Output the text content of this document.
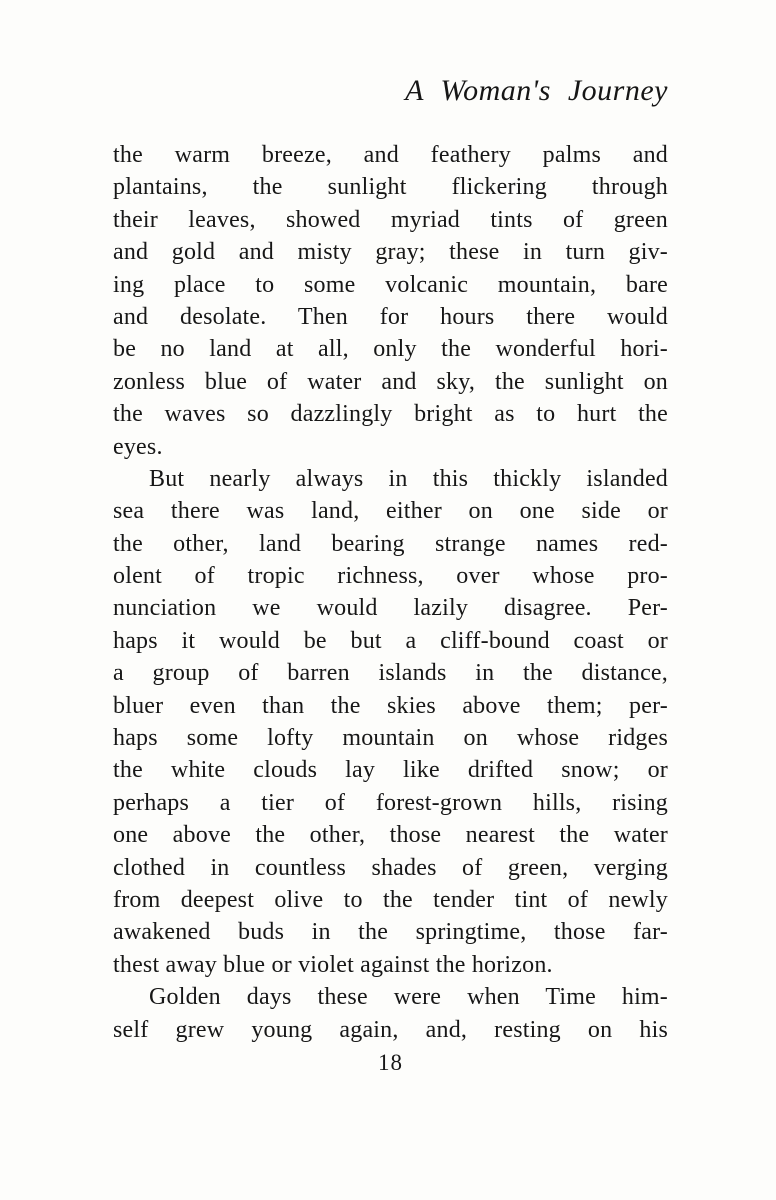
A Woman's Journey
the warm breeze, and feathery palms and
plantains, the sunlight flickering through
their leaves, showed myriad tints of green
and gold and misty gray; these in turn giv-
ing place to some volcanic mountain, bare
and desolate. Then for hours there would
be no land at all, only the wonderful hori-
zonless blue of water and sky, the sunlight on
the waves so dazzlingly bright as to hurt the
eyes.
But nearly always in this thickly islanded
sea there was land, either on one side or
the other, land bearing strange names red-
olent of tropic richness, over whose pro-
nunciation we would lazily disagree. Per-
haps it would be but a cliff-bound coast or
a group of barren islands in the distance,
bluer even than the skies above them; per-
haps some lofty mountain on whose ridges
the white clouds lay like drifted snow; or
perhaps a tier of forest-grown hills, rising
one above the other, those nearest the water
clothed in countless shades of green, verging
from deepest olive to the tender tint of newly
awakened buds in the springtime, those far-
thest away blue or violet against the horizon.
Golden days these were when Time him-
self grew young again, and, resting on his
18
